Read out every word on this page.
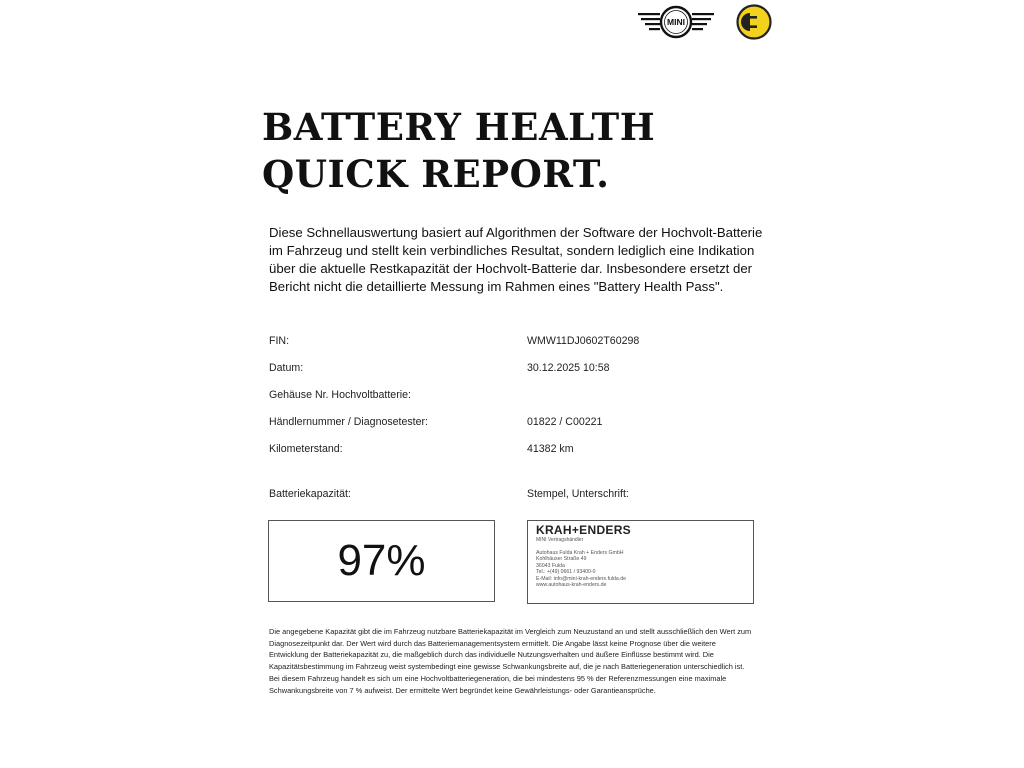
MINI
BATTERY HEALTH
QUICK REPORT.

Diese Schnellauswertung basiert auf Algorithmen der Software der Hochvolt-Batterie im Fahrzeug und stellt kein verbindliches Resultat, sondern lediglich eine Indikation über die aktuelle Restkapazität der Hochvolt-Batterie dar. Insbesondere ersetzt der Bericht nicht die detaillierte Messung im Rahmen eines "Battery Health Pass".

FIN:	WMW11DJ0602T60298
Datum:	30.12.2025 10:58
Gehäuse Nr. Hochvoltbatterie:
Händlernummer / Diagnosetester:	01822 / C00221
Kilometerstand:	41382 km
Batteriekapazität:
97%
Stempel, Unterschrift:
KRAH+ENDERS
MINI Vertragshändler
Autohaus Fulda Krah + Enders GmbH
Kohlhäuser Straße 49
36043 Fulda
Tel.: +(49) 0661 / 93400-0
E-Mail: info@mini-krah-enders.fulda.de
www.autohaus-krah-enders.de

Die angegebene Kapazität gibt die im Fahrzeug nutzbare Batteriekapazität im Vergleich zum Neuzustand an und stellt ausschließlich den Wert zum Diagnosezeitpunkt dar. Der Wert wird durch das Batteriemanagementsystem ermittelt. Die Angabe lässt keine Prognose über die weitere Entwicklung der Batteriekapazität zu, die maßgeblich durch das individuelle Nutzungsverhalten und äußere Einflüsse bestimmt wird. Die Kapazitätsbestimmung im Fahrzeug weist systembedingt eine gewisse Schwankungsbreite auf, die je nach Batteriegeneration unterschiedlich ist. Bei diesem Fahrzeug handelt es sich um eine Hochvoltbatteriegeneration, die bei mindestens 95 % der Referenzmessungen eine maximale Schwankungsbreite von 7 % aufweist. Der ermittelte Wert begründet keine Gewährleistungs- oder Garantieansprüche.
